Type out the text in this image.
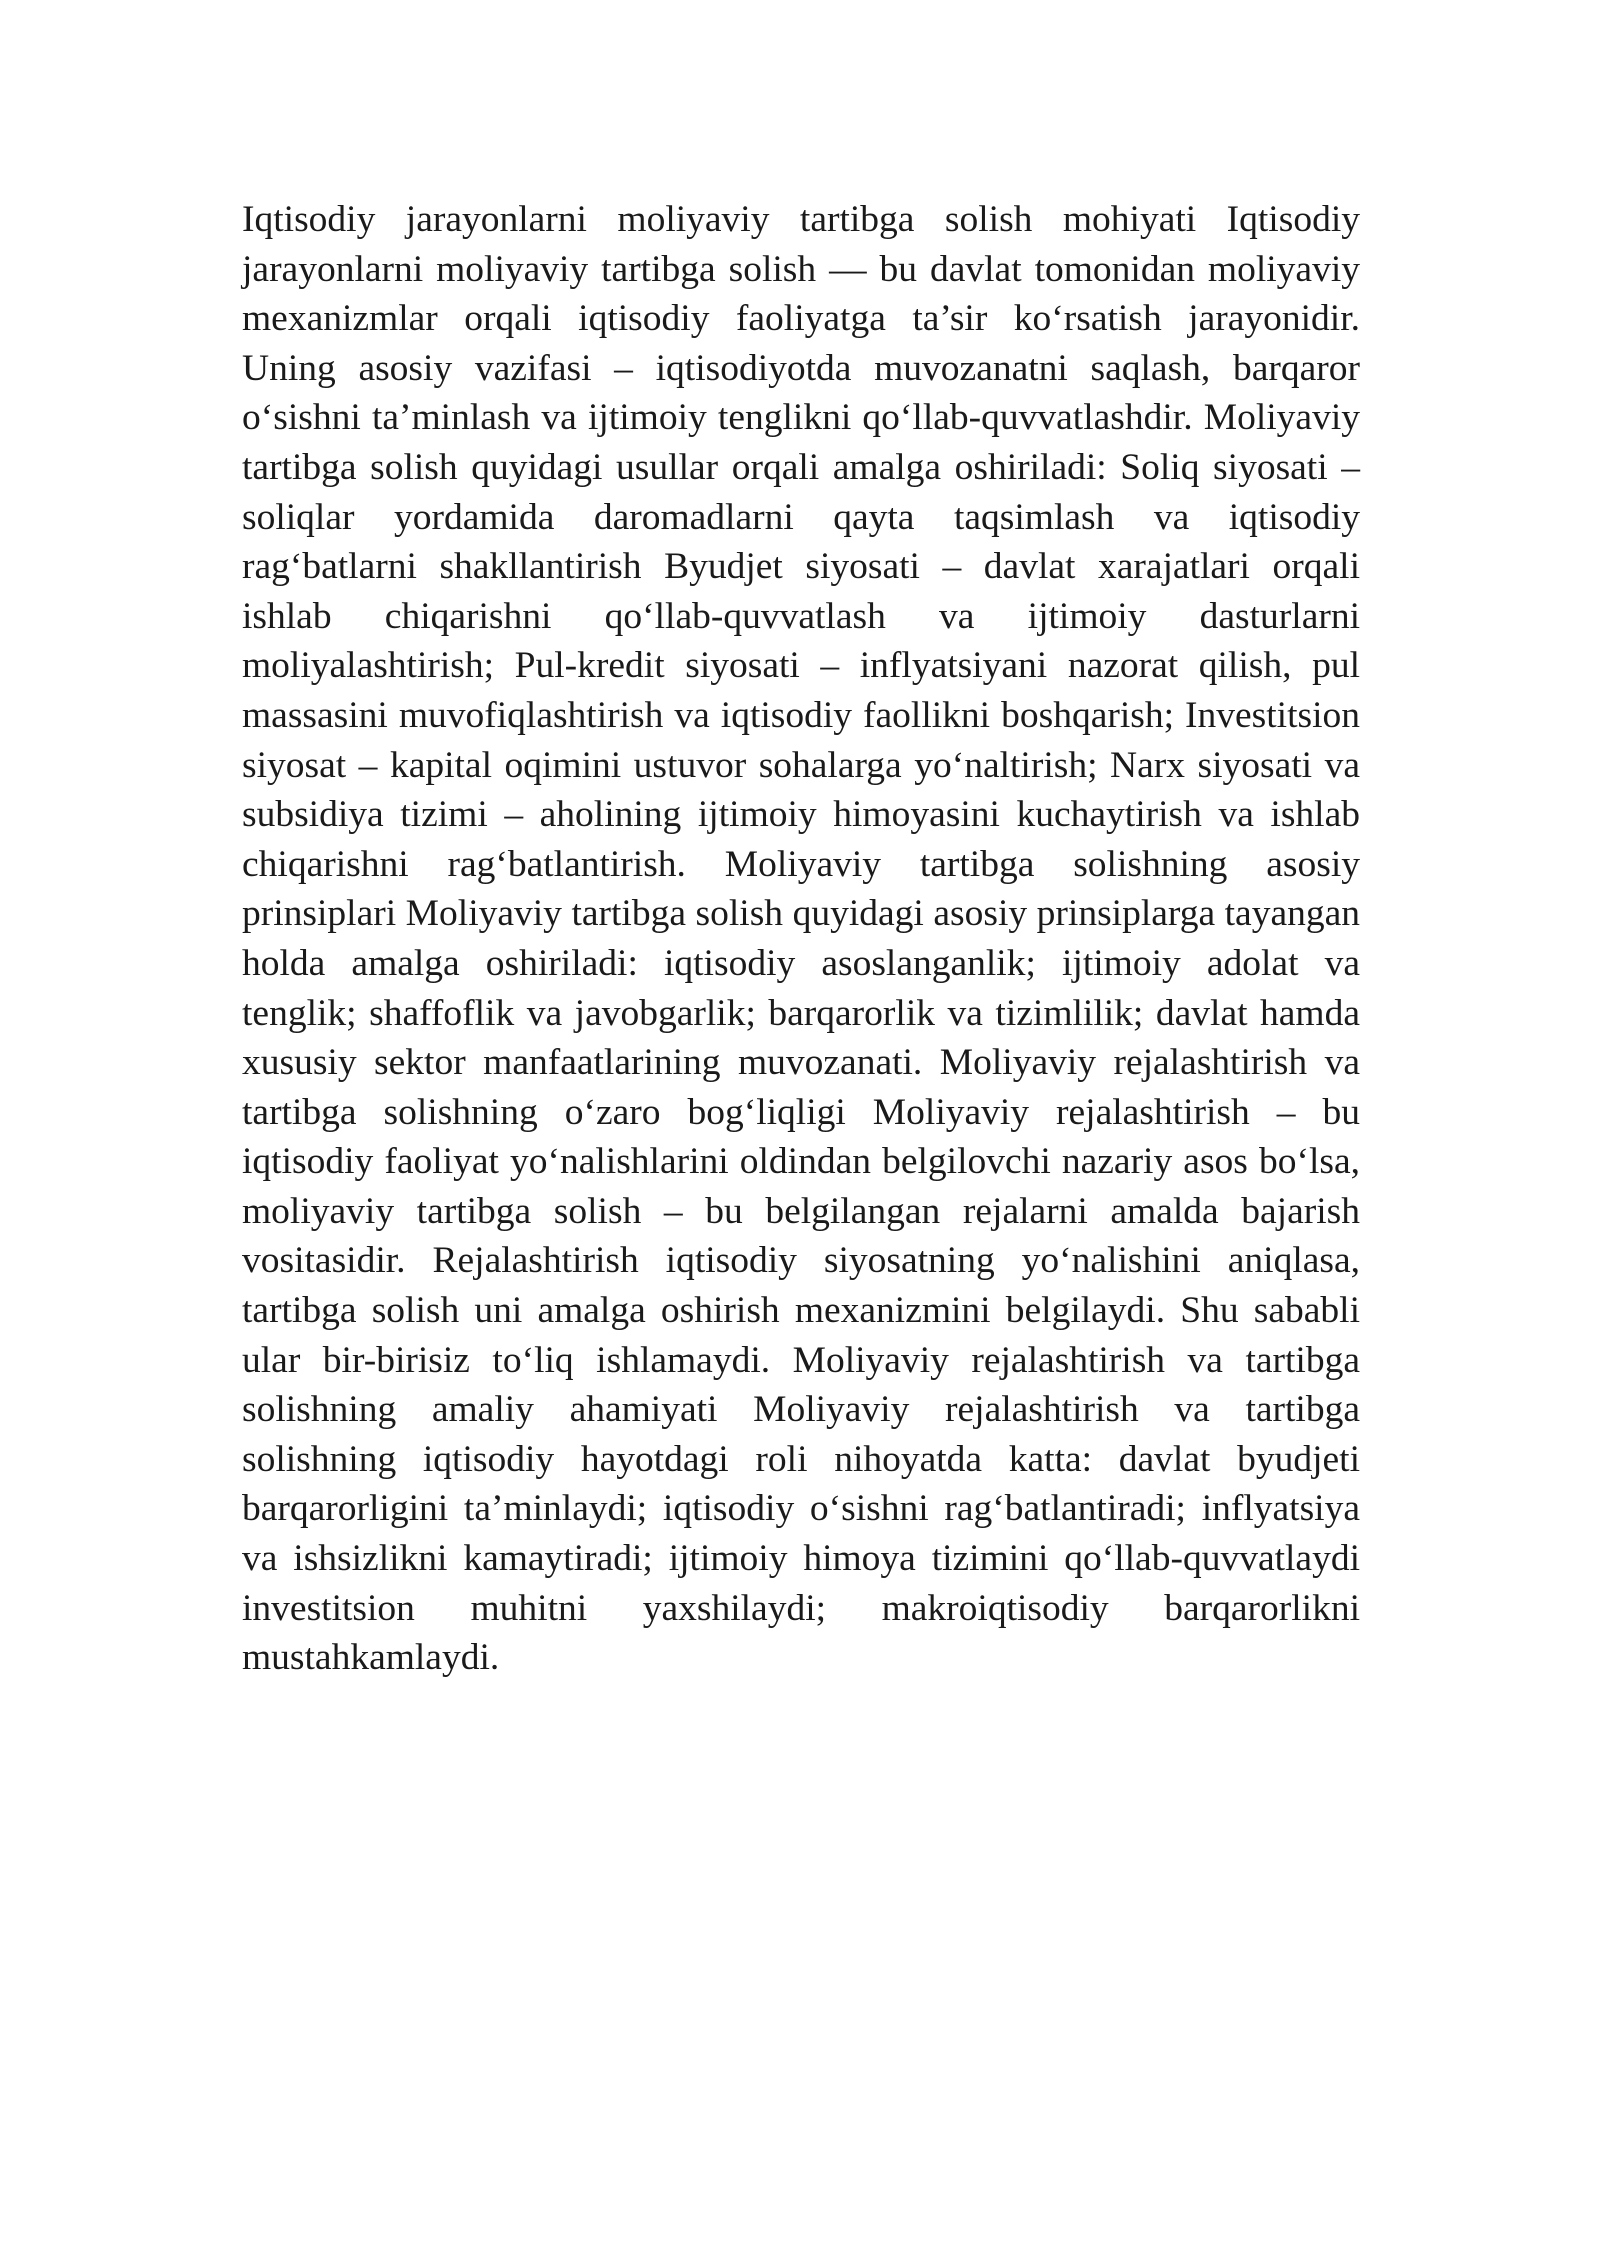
Iqtisodiy jarayonlarni moliyaviy tartibga solish mohiyati Iqtisodiy jarayonlarni moliyaviy tartibga solish — bu davlat tomonidan moliyaviy mexanizmlar orqali iqtisodiy faoliyatga ta’sir ko‘rsatish jarayonidir. Uning asosiy vazifasi – iqtisodiyotda muvozanatni saqlash, barqaror o‘sishni ta’minlash va ijtimoiy tenglikni qo‘llab-quvvatlashdir. Moliyaviy tartibga solish quyidagi usullar orqali amalga oshiriladi: Soliq siyosati – soliqlar yordamida daromadlarni qayta taqsimlash va iqtisodiy rag‘batlarni shakllantirish Byudjet siyosati – davlat xarajatlari orqali ishlab chiqarishni qo‘llab-quvvatlash va ijtimoiy dasturlarni moliyalashtirish; Pul-kredit siyosati – inflyatsiyani nazorat qilish, pul massasini muvofiqlashtirish va iqtisodiy faollikni boshqarish; Investitsion siyosat – kapital oqimini ustuvor sohalarga yo‘naltirish; Narx siyosati va subsidiya tizimi – aholining ijtimoiy himoyasini kuchaytirish va ishlab chiqarishni rag‘batlantirish. Moliyaviy tartibga solishning asosiy prinsiplari Moliyaviy tartibga solish quyidagi asosiy prinsiplarga tayangan holda amalga oshiriladi: iqtisodiy asoslanganlik; ijtimoiy adolat va tenglik; shaffoflik va javobgarlik; barqarorlik va tizimlilik; davlat hamda xususiy sektor manfaatlarining muvozanati. Moliyaviy rejalashtirish va tartibga solishning o‘zaro bog‘liqligi Moliyaviy rejalashtirish – bu iqtisodiy faoliyat yo‘nalishlarini oldindan belgilovchi nazariy asos bo‘lsa, moliyaviy tartibga solish – bu belgilangan rejalarni amalda bajarish vositasidir. Rejalashtirish iqtisodiy siyosatning yo‘nalishini aniqlasa, tartibga solish uni amalga oshirish mexanizmini belgilaydi. Shu sababli ular bir-birisiz to‘liq ishlamaydi. Moliyaviy rejalashtirish va tartibga solishning amaliy ahamiyati Moliyaviy rejalashtirish va tartibga solishning iqtisodiy hayotdagi roli nihoyatda katta: davlat byudjeti barqarorligini ta’minlaydi; iqtisodiy o‘sishni rag‘batlantiradi; inflyatsiya va ishsizlikni kamaytiradi; ijtimoiy himoya tizimini qo‘llab-quvvatlaydi investitsion muhitni yaxshilaydi; makroiqtisodiy barqarorlikni mustahkamlaydi.
